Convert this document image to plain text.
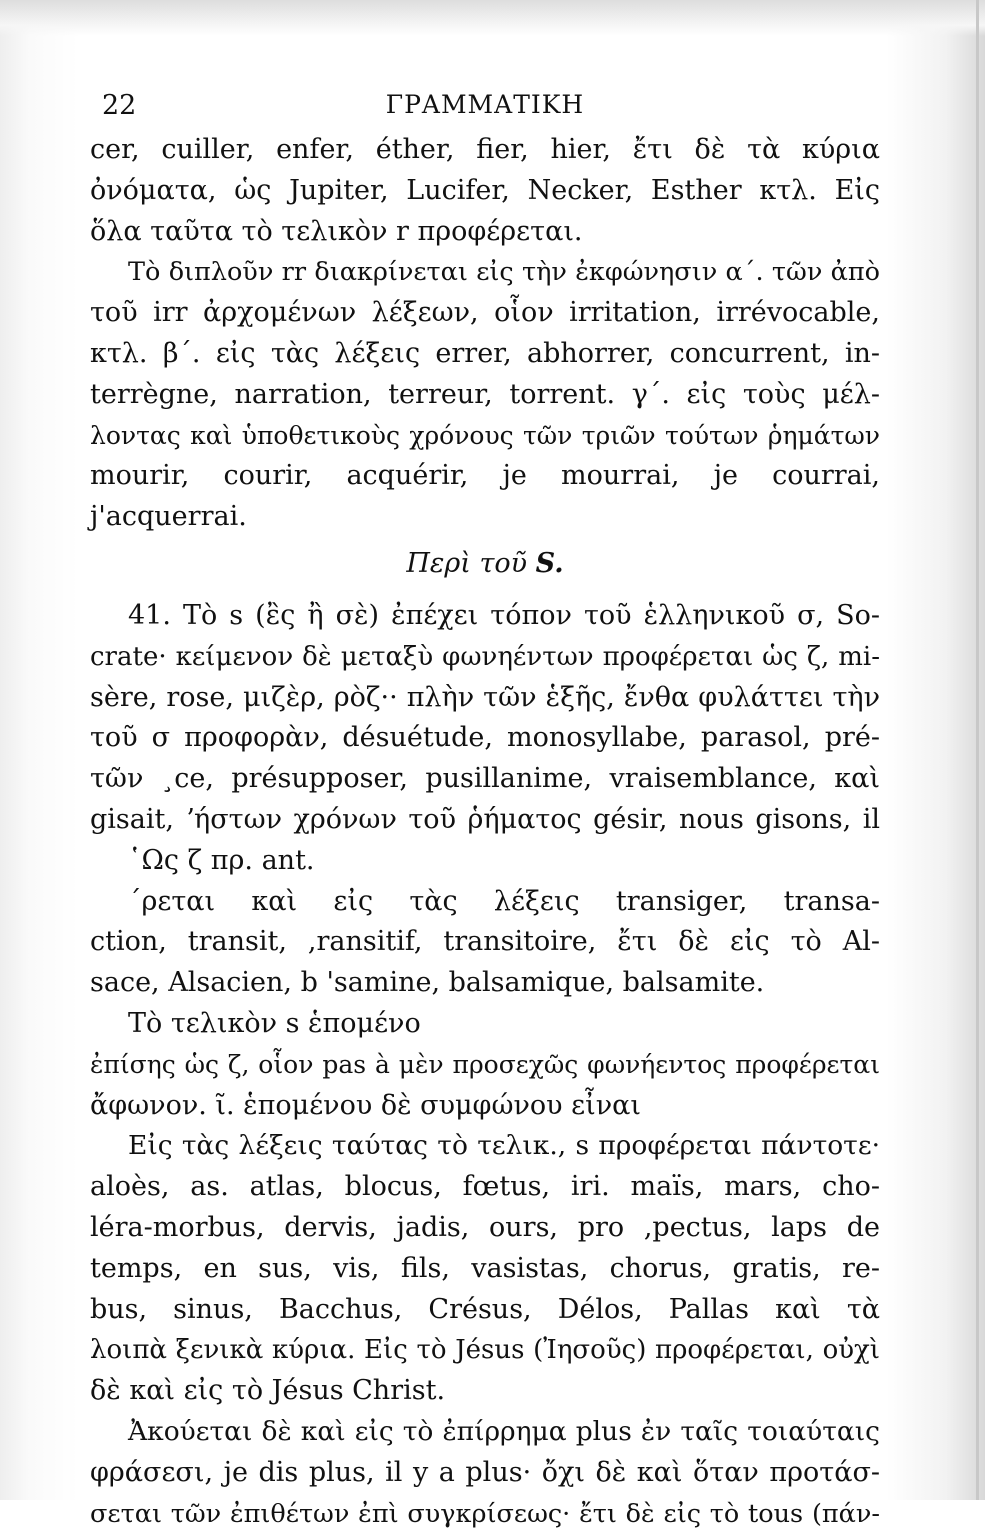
22	ΓΡΑΜΜΑΤΙΚΗ
cer, cuiller, enfer, éther, fier, hier, ἔτι δὲ τὰ κύρια
ὀνόματα, ὡς Jupiter, Lucifer, Necker, Esther κτλ. Εἰς
ὅλα ταῦτα τὸ τελικὸν r προφέρεται.
Τὸ διπλοῦν rr διακρίνεται εἰς τὴν ἐκφώνησιν α΄. τῶν ἀπὸ
τοῦ irr ἀρχομένων λέξεων, οἷον irritation, irrévocable,
κτλ. β΄. εἰς τὰς λέξεις errer, abhorrer, concurrent, in-
terrègne, narration, terreur, torrent. γ΄. εἰς τοὺς μέλ-
λοντας καὶ ὑποθετικοὺς χρόνους τῶν τριῶν τούτων ῥημάτων
mourir, courir, acquérir, je mourrai, je courrai,
j'acquerrai.
Περὶ τοῦ S.
41. Τὸ s (ἒς ἢ σὲ) ἐπέχει τόπον τοῦ ἑλληνικοῦ σ, So-
crate· κείμενον δὲ μεταξὺ φωνηέντων προφέρεται ὡς ζ, mi-
sère, rose, μιζὲρ, ρὸζ·· πλὴν τῶν ἑξῆς, ἔνθα φυλάττει τὴν
τοῦ σ προφορὰν, désuétude, monosyllabe, parasol, pré-
τῶν ¸ce, présupposer, pusillanime, vraisemblance, καὶ
gisait, ʼήστων χρόνων τοῦ ῥήματος gésir, nous gisons, il
῾Ως ζ πρ. ant.
΄ρεται καὶ εἰς τὰς λέξεις transiger, transa-
ction, transit, ,ransitif, transitoire, ἔτι δὲ εἰς τὸ Al-
sace, Alsacien, b 'samine, balsamique, balsamite.
Τὸ τελικὸν s ἑπομένο
ἐπίσης ὡς ζ, οἷον pas à μὲν προσεχῶς φωνήεντος προφέρεται
ἄφωνον. ῖ. ἑπομένου δὲ συμφώνου εἶναι
Εἰς τὰς λέξεις ταύτας τὸ τελικ., s προφέρεται πάντοτε·
aloès, as. atlas, blocus, fœtus, iri. maïs, mars, cho-
léra-morbus, dervis, jadis, ours, pro ,pectus, laps de
temps, en sus, vis, fils, vasistas, chorus, gratis, re-
bus, sinus, Bacchus, Crésus, Délos, Pallas καὶ τὰ
λοιπὰ ξενικὰ κύρια. Εἰς τὸ Jésus (Ἰησοῦς) προφέρεται, οὐχὶ
δὲ καὶ εἰς τὸ Jésus Christ.
Ἀκούεται δὲ καὶ εἰς τὸ ἐπίρρημα plus ἐν ταῖς τοιαύταις
φράσεσι, je dis plus, il y a plus· ὄχι δὲ καὶ ὅταν προτάσ-
σεται τῶν ἐπιθέτων ἐπὶ συγκρίσεως· ἔτι δὲ εἰς τὸ tous (πάν-
